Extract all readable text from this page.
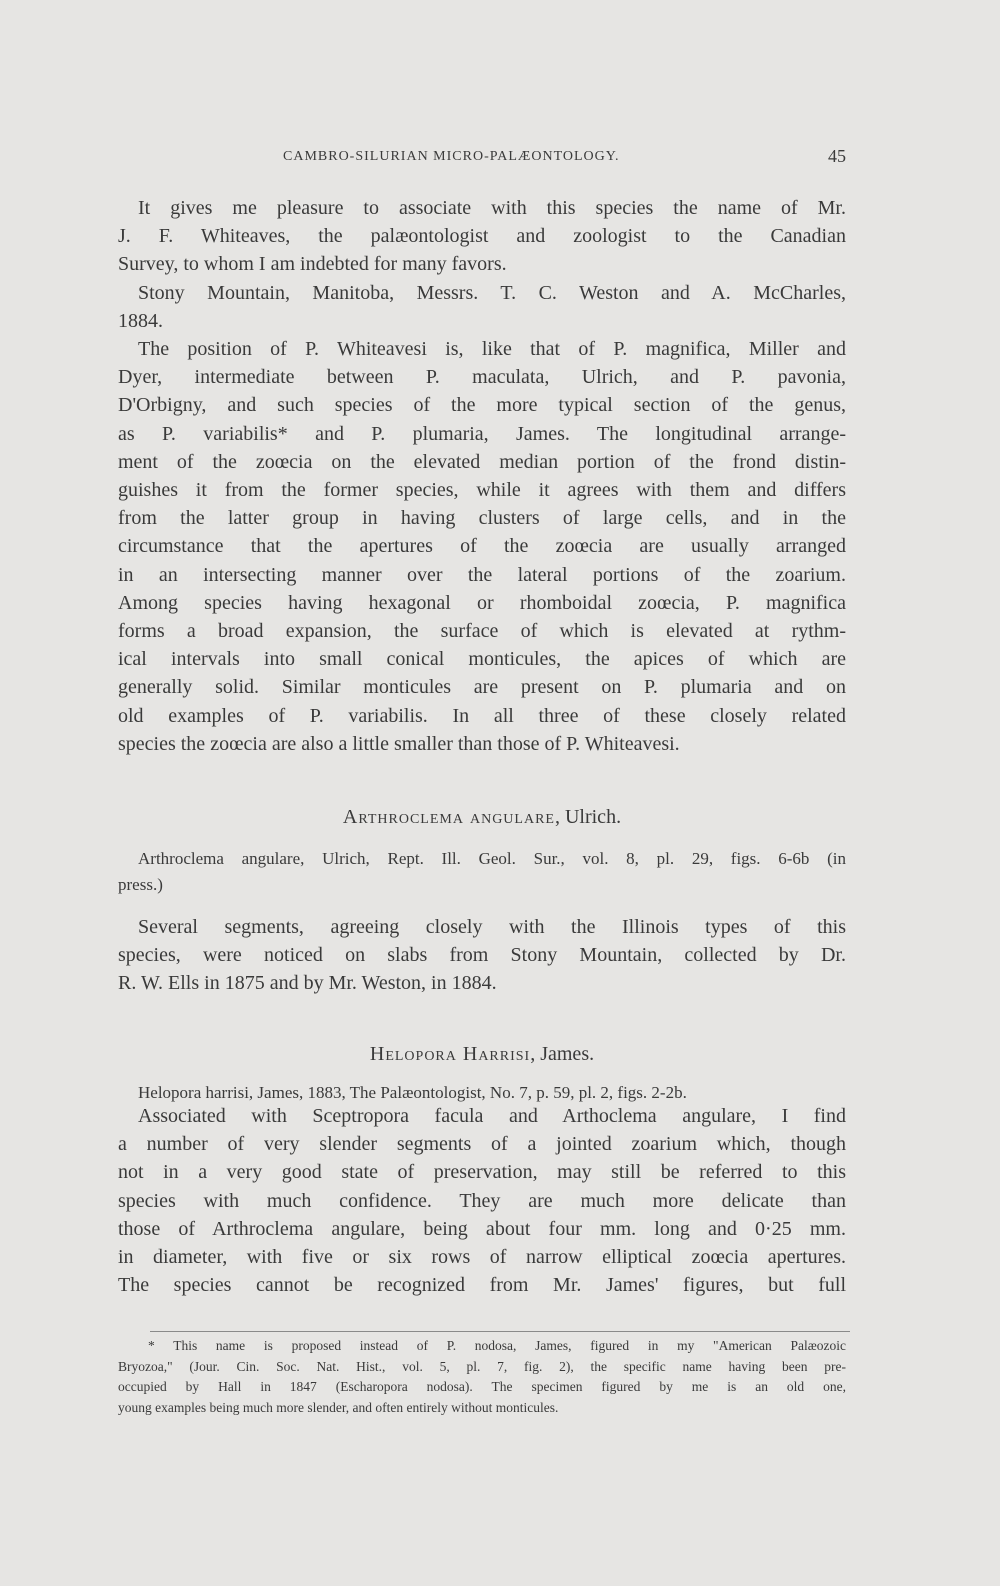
CAMBRO-SILURIAN MICRO-PALÆONTOLOGY.	45
It gives me pleasure to associate with this species the name of Mr.
J. F. Whiteaves, the palæontologist and zoologist to the Canadian
Survey, to whom I am indebted for many favors.
Stony Mountain, Manitoba, Messrs. T. C. Weston and A. McCharles,
1884.
The position of P. Whiteavesi is, like that of P. magnifica, Miller and
Dyer, intermediate between P. maculata, Ulrich, and P. pavonia,
D'Orbigny, and such species of the more typical section of the genus,
as P. variabilis* and P. plumaria, James. The longitudinal arrange-
ment of the zoœcia on the elevated median portion of the frond distin-
guishes it from the former species, while it agrees with them and differs
from the latter group in having clusters of large cells, and in the
circumstance that the apertures of the zoœcia are usually arranged
in an intersecting manner over the lateral portions of the zoarium.
Among species having hexagonal or rhomboidal zoœcia, P. magnifica
forms a broad expansion, the surface of which is elevated at rythm-
ical intervals into small conical monticules, the apices of which are
generally solid. Similar monticules are present on P. plumaria and on
old examples of P. variabilis. In all three of these closely related
species the zoœcia are also a little smaller than those of P. Whiteavesi.
Arthroclema angulare, Ulrich.
Arthroclema angulare, Ulrich, Rept. Ill. Geol. Sur., vol. 8, pl. 29, figs. 6-6b (in
press.)
Several segments, agreeing closely with the Illinois types of this
species, were noticed on slabs from Stony Mountain, collected by Dr.
R. W. Ells in 1875 and by Mr. Weston, in 1884.
Helopora Harrisi, James.
Helopora harrisi, James, 1883, The Palæontologist, No. 7, p. 59, pl. 2, figs. 2-2b.
Associated with Sceptropora facula and Arthoclema angulare, I find
a number of very slender segments of a jointed zoarium which, though
not in a very good state of preservation, may still be referred to this
species with much confidence. They are much more delicate than
those of Arthroclema angulare, being about four mm. long and 0·25 mm.
in diameter, with five or six rows of narrow elliptical zoœcia apertures.
The species cannot be recognized from Mr. James' figures, but full
* This name is proposed instead of P. nodosa, James, figured in my "American Palæozoic
Bryozoa," (Jour. Cin. Soc. Nat. Hist., vol. 5, pl. 7, fig. 2), the specific name having been pre-
occupied by Hall in 1847 (Escharopora nodosa). The specimen figured by me is an old one,
young examples being much more slender, and often entirely without monticules.
